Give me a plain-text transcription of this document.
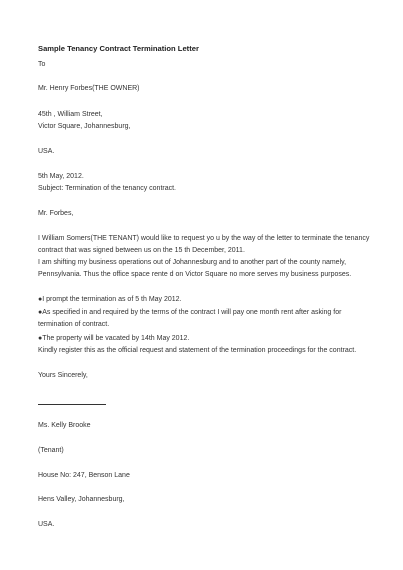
Sample Tenancy Contract Termination Letter
To
Mr. Henry Forbes(THE OWNER)
45th , William Street,
Victor Square, Johannesburg,
USA.
5th May, 2012.
Subject: Termination of the tenancy contract.
Mr. Forbes,
I William Somers(THE TENANT) would like to request yo u by the way of the letter to terminate the tenancy
contract that was signed between us on the 15 th December, 2011.
I am shifting my business operations out of Johannesburg and to another part of the county namely,
Pennsylvania. Thus the office space rente d on Victor Square no more serves my business purposes.
●I prompt the termination as of 5 th May 2012.
●As specified in and required by the terms of the contract I will pay one month rent after asking for
termination of contract.
●The property will be vacated by 14th May 2012.
Kindly register this as the official request and statement of the termination proceedings for the contract.
Yours Sincerely,
Ms. Kelly Brooke
(Tenant)
House No: 247, Benson Lane
Hens Valley, Johannesburg,
USA.
